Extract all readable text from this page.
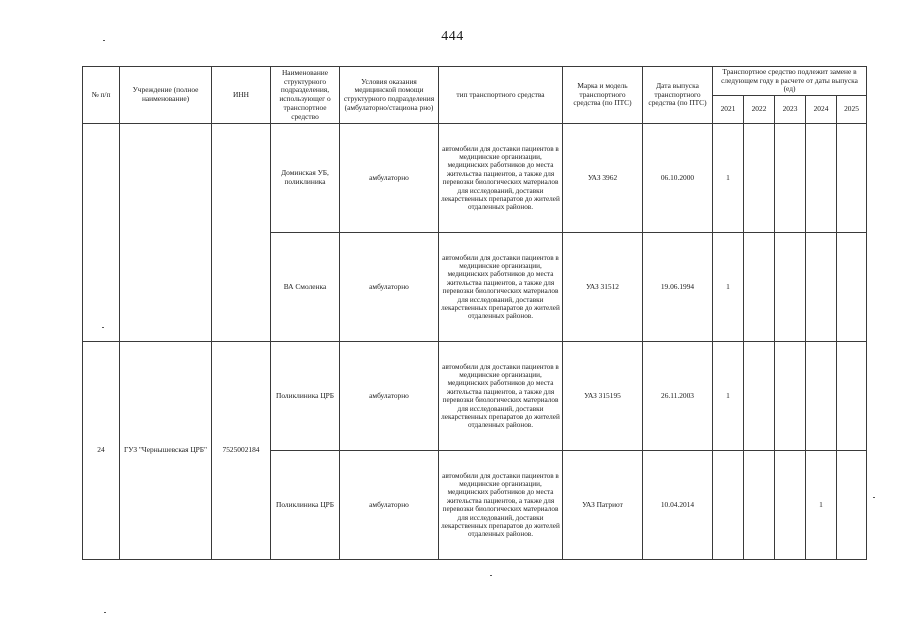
444
№ п/п	Учреждение (полное наименование)	ИНН	Наименование структурного подразделения, использующег о транспортное средство	Условия оказания медицинской помощи структурного подразделения (амбулаторно/стациона рно)	тип транспортного средства	Марка и модель транспортного средства (по ПТС)	Дата выпуска транспортного средства (по ПТС)	Транспортное средство подлежит замене в следующем году в расчете от даты выпуска (ед)				
								2021	2022	2023	2024	2025
			Доминская УБ, поликлиника	амбулаторно	автомобили для доставки пациентов в медицинские организации, медицинских работников до места жительства пациентов, а также для перевозки биологических материалов для исследований, доставки лекарственных препаратов до жителей отдаленных районов.	УАЗ 3962	06.10.2000	1				
			ВА Смоленка	амбулаторно	автомобили для доставки пациентов в медицинские организации, медицинских работников до места жительства пациентов, а также для перевозки биологических материалов для исследований, доставки лекарственных препаратов до жителей отдаленных районов.	УАЗ 31512	19.06.1994	1				
24	ГУЗ "Чернышевская ЦРБ"	7525002184	Поликлиника ЦРБ	амбулаторно	автомобили для доставки пациентов в медицинские организации, медицинских работников до места жительства пациентов, а также для перевозки биологических материалов для исследований, доставки лекарственных препаратов до жителей отдаленных районов.	УАЗ 315195	26.11.2003	1				
			Поликлиника ЦРБ	амбулаторно	автомобили для доставки пациентов в медицинские организации, медицинских работников до места жительства пациентов, а также для перевозки биологических материалов для исследований, доставки лекарственных препаратов до жителей отдаленных районов.	УАЗ Патриот	10.04.2014				1	
